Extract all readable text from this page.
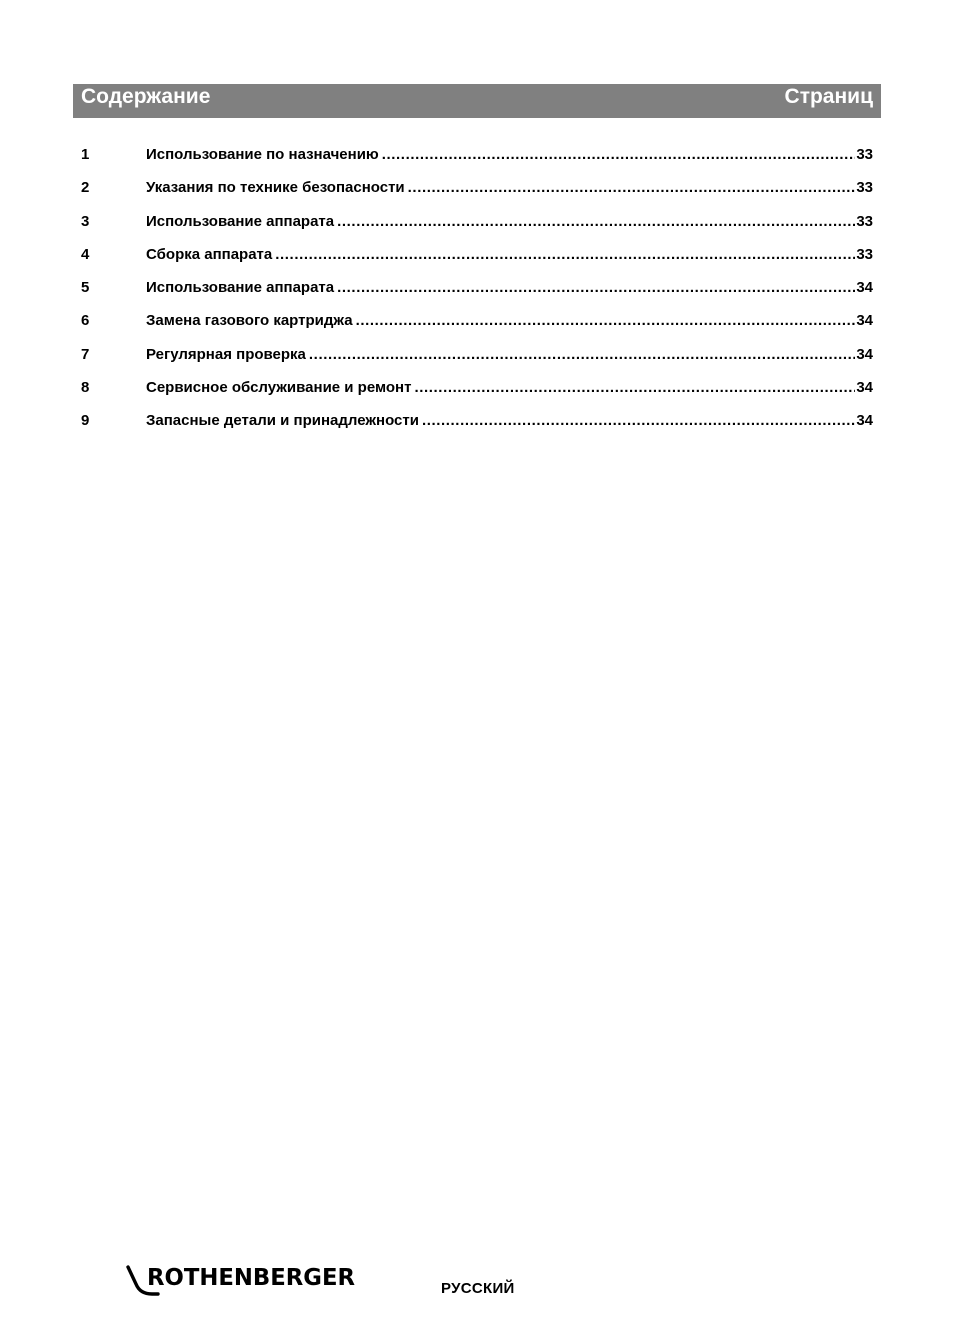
Содержание	Страниц
1	Использование по назначению .....	33
2	Указания по технике безопасности .....	33
3	Использование аппарата .....	33
4	Сборка аппарата .....	33
5	Использование аппарата .....	34
6	Замена газового картриджа .....	34
7	Регулярная проверка .....	34
8	Сервисное обслуживание и ремонт .....	34
9	Запасные детали и принадлежности .....	34
ROTHENBERGER	РУССКИЙ
